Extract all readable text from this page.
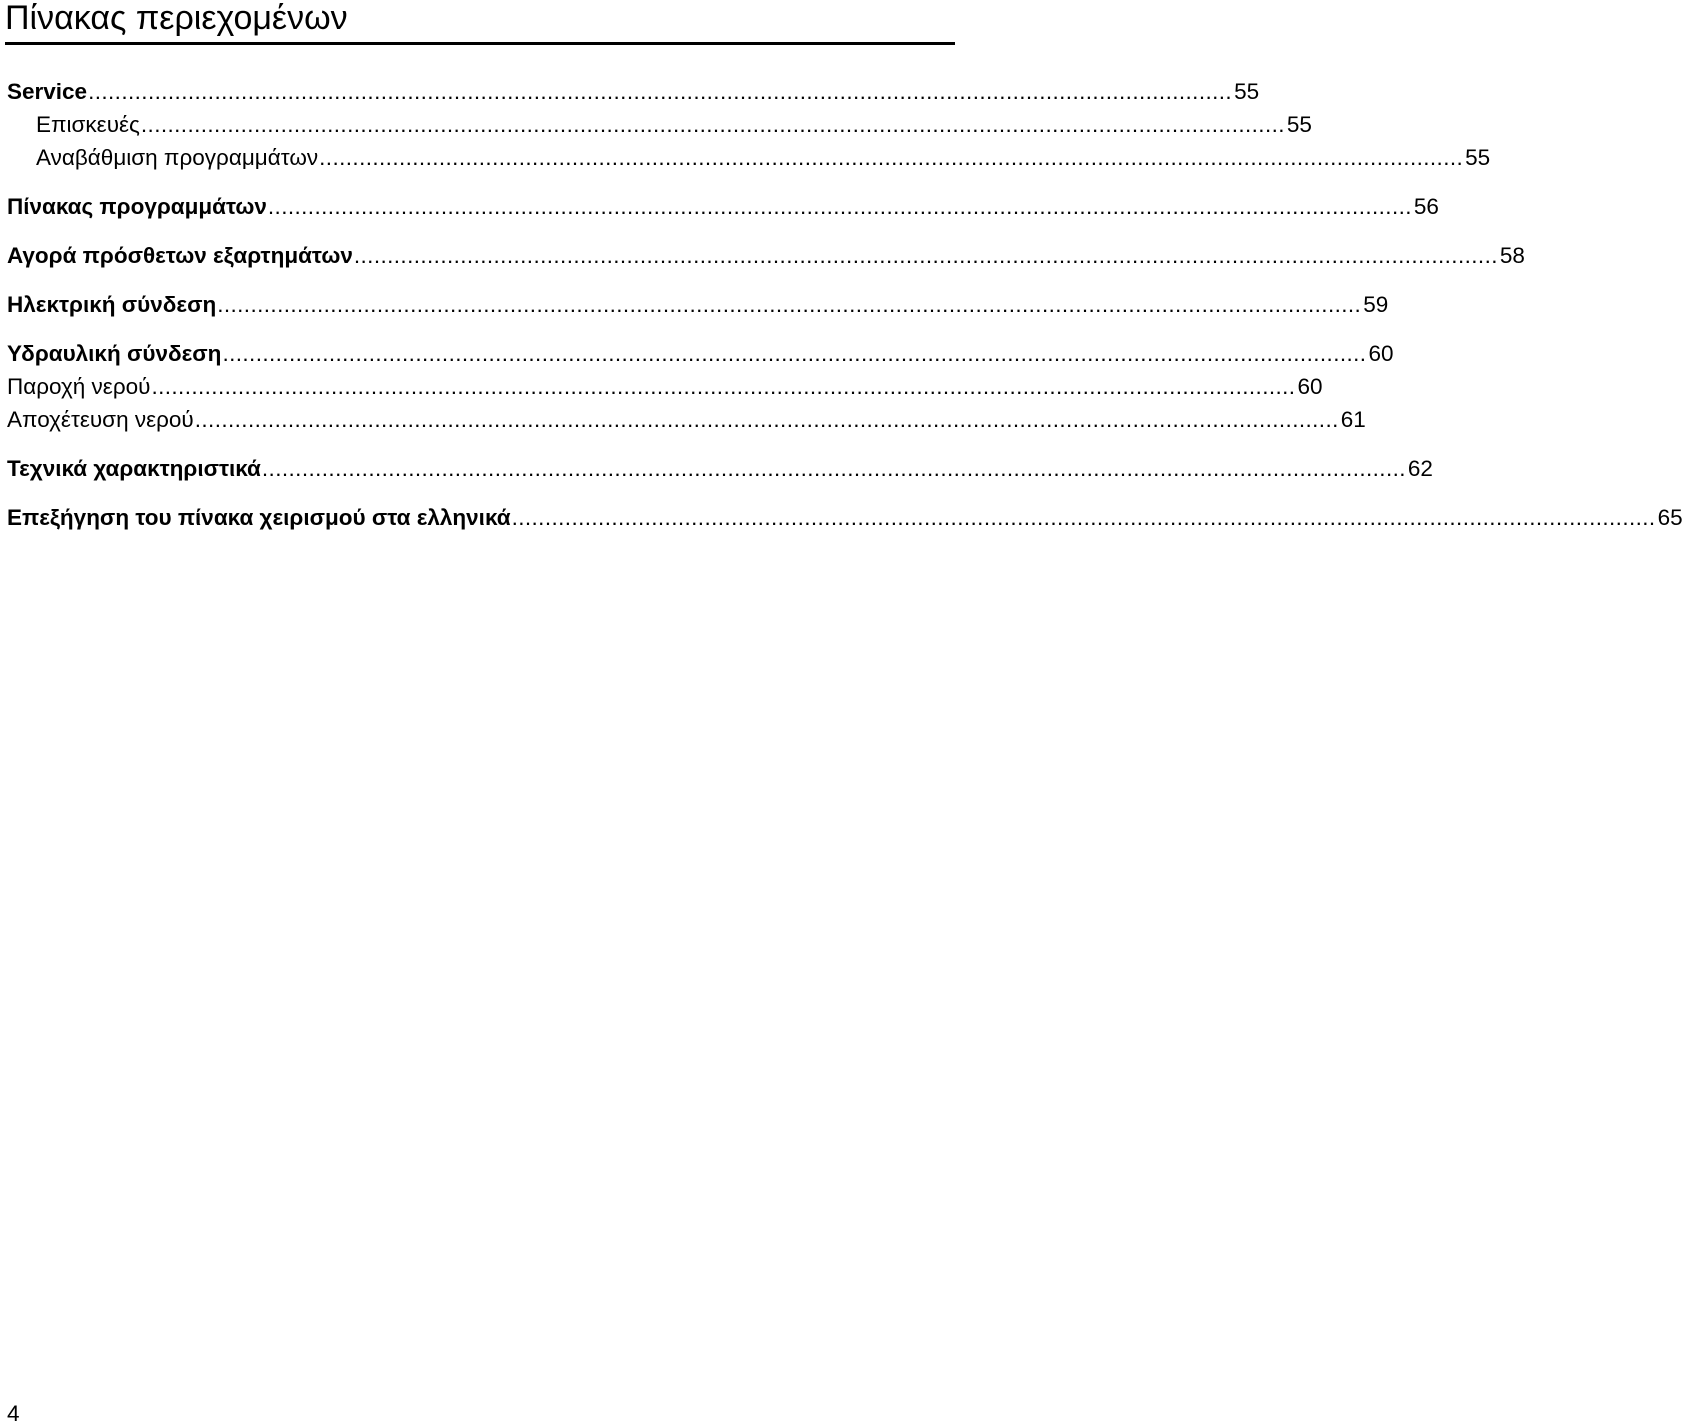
Πίνακας περιεχομένων
Service ............................................................................................................................................................................ 55
Επισκευές ............................................................................................................................................................................ 55
Αναβάθμιση προγραμμάτων ............................................................................................................................................................................ 55
Πίνακας προγραμμάτων ............................................................................................................................................................................ 56
Αγορά πρόσθετων εξαρτημάτων ............................................................................................................................................................................ 58
Ηλεκτρική σύνδεση ............................................................................................................................................................................ 59
Υδραυλική σύνδεση ............................................................................................................................................................................ 60
Παροχή νερού ............................................................................................................................................................................ 60
Αποχέτευση νερού ............................................................................................................................................................................ 61
Τεχνικά χαρακτηριστικά ............................................................................................................................................................................ 62
Επεξήγηση του πίνακα χειρισμού στα ελληνικά ............................................................................................................................................................................ 65
4
